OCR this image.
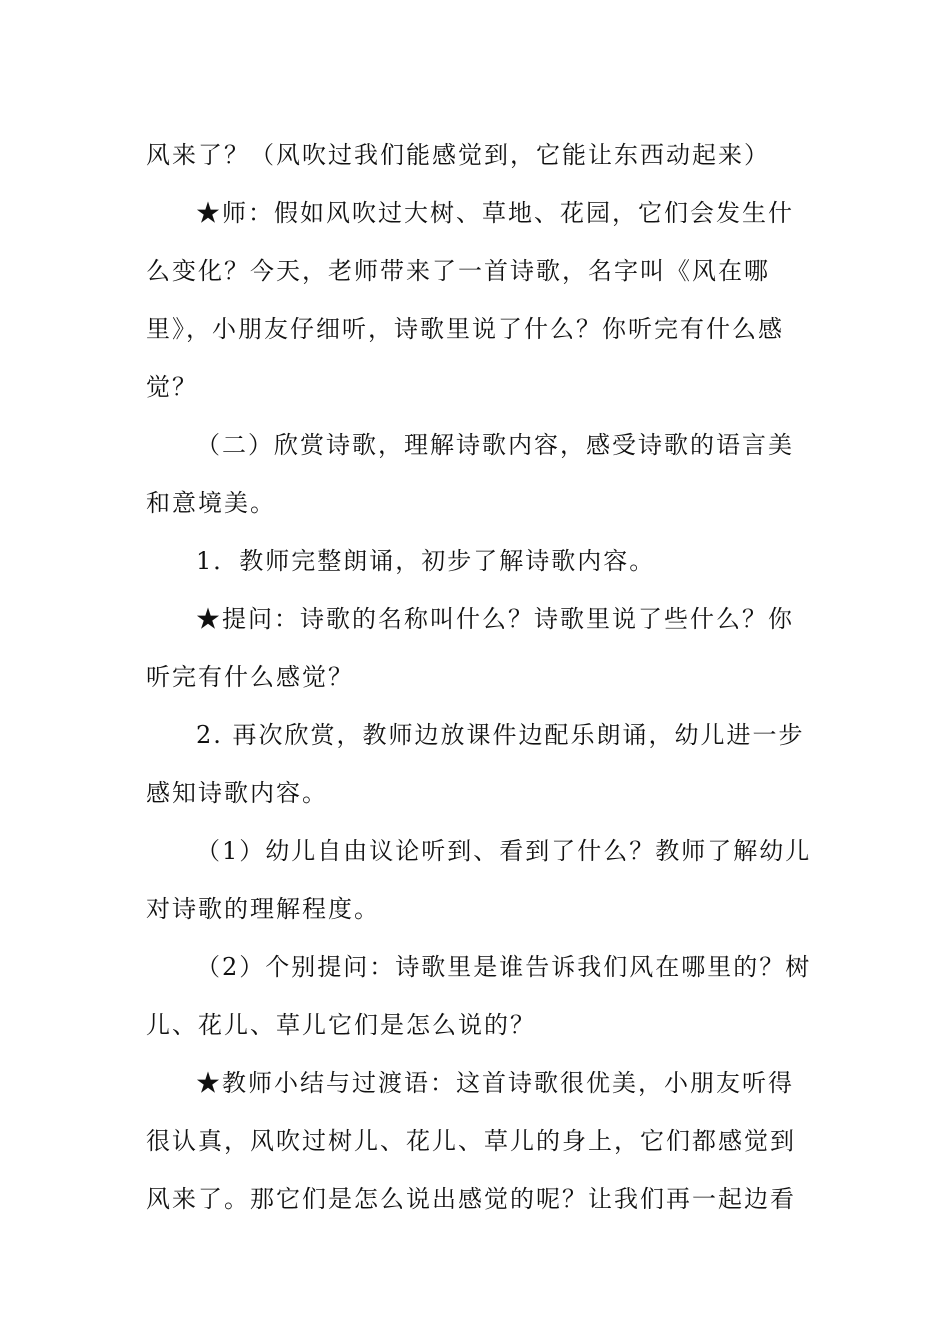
风来了？（风吹过我们能感觉到，它能让东西动起来）
★师：假如风吹过大树、草地、花园，它们会发生什
么变化？今天，老师带来了一首诗歌，名字叫《风在哪
里》，小朋友仔细听，诗歌里说了什么？你听完有什么感
觉？
（二）欣赏诗歌，理解诗歌内容，感受诗歌的语言美
和意境美。
1．教师完整朗诵，初步了解诗歌内容。
★提问：诗歌的名称叫什么？诗歌里说了些什么？你
听完有什么感觉？
2. 再次欣赏，教师边放课件边配乐朗诵，幼儿进一步
感知诗歌内容。
（1）幼儿自由议论听到、看到了什么？教师了解幼儿
对诗歌的理解程度。
（2）个别提问：诗歌里是谁告诉我们风在哪里的？树
儿、花儿、草儿它们是怎么说的？
★教师小结与过渡语：这首诗歌很优美，小朋友听得
很认真，风吹过树儿、花儿、草儿的身上，它们都感觉到
风来了。那它们是怎么说出感觉的呢？让我们再一起边看
